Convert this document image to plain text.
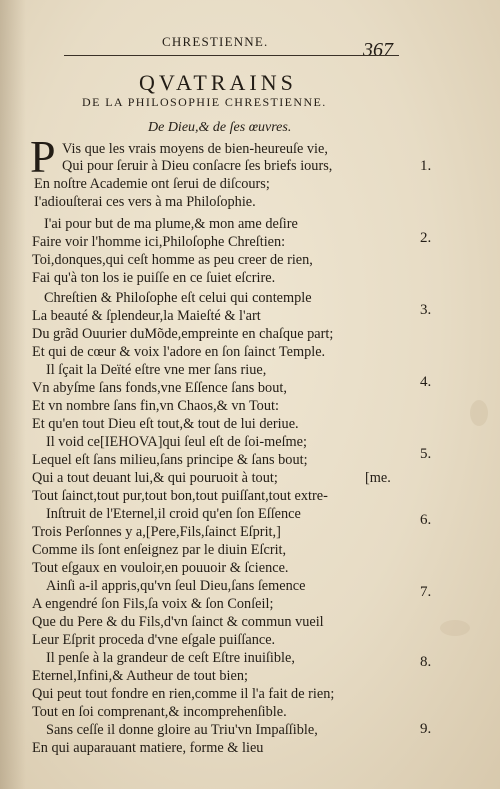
CHRESTIENNE.	367
QVATRAINS
DE LA PHILOSOPHIE CHRESTIENNE.
De Dieu,& de ſes œuvres.
P Vis que les vrais moyens de bien-heureuſe vie,
Qui pour ſeruir à Dieu conſacre ſes briefs iours,
En noſtre Academie ont ſerui de diſcours;
I'adiouſterai ces vers à ma Philoſophie.
I'ai pour but de ma plume,& mon ame deſire
Faire voir l'homme ici,Philoſophe Chreſtien:
Toi,donques,qui ceſt homme as peu creer de rien,
Fai qu'à ton los ie puiſſe en ce ſuiet eſcrire.
Chreſtien & Philoſophe eſt celui qui contemple
La beauté & ſplendeur,la Maieſté & l'art
Du grãd Ouurier duMõde,empreinte en chaſque part;
Et qui de cœur & voix l'adore en ſon ſainct Temple.
Il ſçait la Deïté eſtre vne mer ſans riue,
Vn abyſme ſans fonds,vne Eſſence ſans bout,
Et vn nombre ſans fin,vn Chaos,& vn Tout:
Et qu'en tout Dieu eſt tout,& tout de lui deriue.
Il void ce[IEHOVA]qui ſeul eſt de ſoi-meſme;
Lequel eſt ſans milieu,ſans principe & ſans bout;
Qui a tout deuant lui,& qui pouruoit à tout;	[me.
Tout ſainct,tout pur,tout bon,tout puiſſant,tout extre-
Inſtruit de l'Eternel,il croid qu'en ſon Eſſence
Trois Perſonnes y a,[Pere,Fils,ſainct Eſprit,]
Comme ils ſont enſeignez par le diuin Eſcrit,
Tout eſgaux en vouloir,en pouuoir & ſcience.
Ainſi a-il appris,qu'vn ſeul Dieu,ſans ſemence
A engendré ſon Fils,ſa voix & ſon Conſeil;
Que du Pere & du Fils,d'vn ſainct & commun vueil
Leur Eſprit proceda d'vne eſgale puiſſance.
Il penſe à la grandeur de ceſt Eſtre inuiſible,
Eternel,Infini,& Autheur de tout bien;
Qui peut tout fondre en rien,comme il l'a fait de rien;
Tout en ſoi comprenant,& incomprehenſible.
Sans ceſſe il donne gloire au Triu'vn Impaſſible,
En qui auparauant matiere, forme & lieu
1.
2.
3.
4.
5.
6.
7.
8.
9.
